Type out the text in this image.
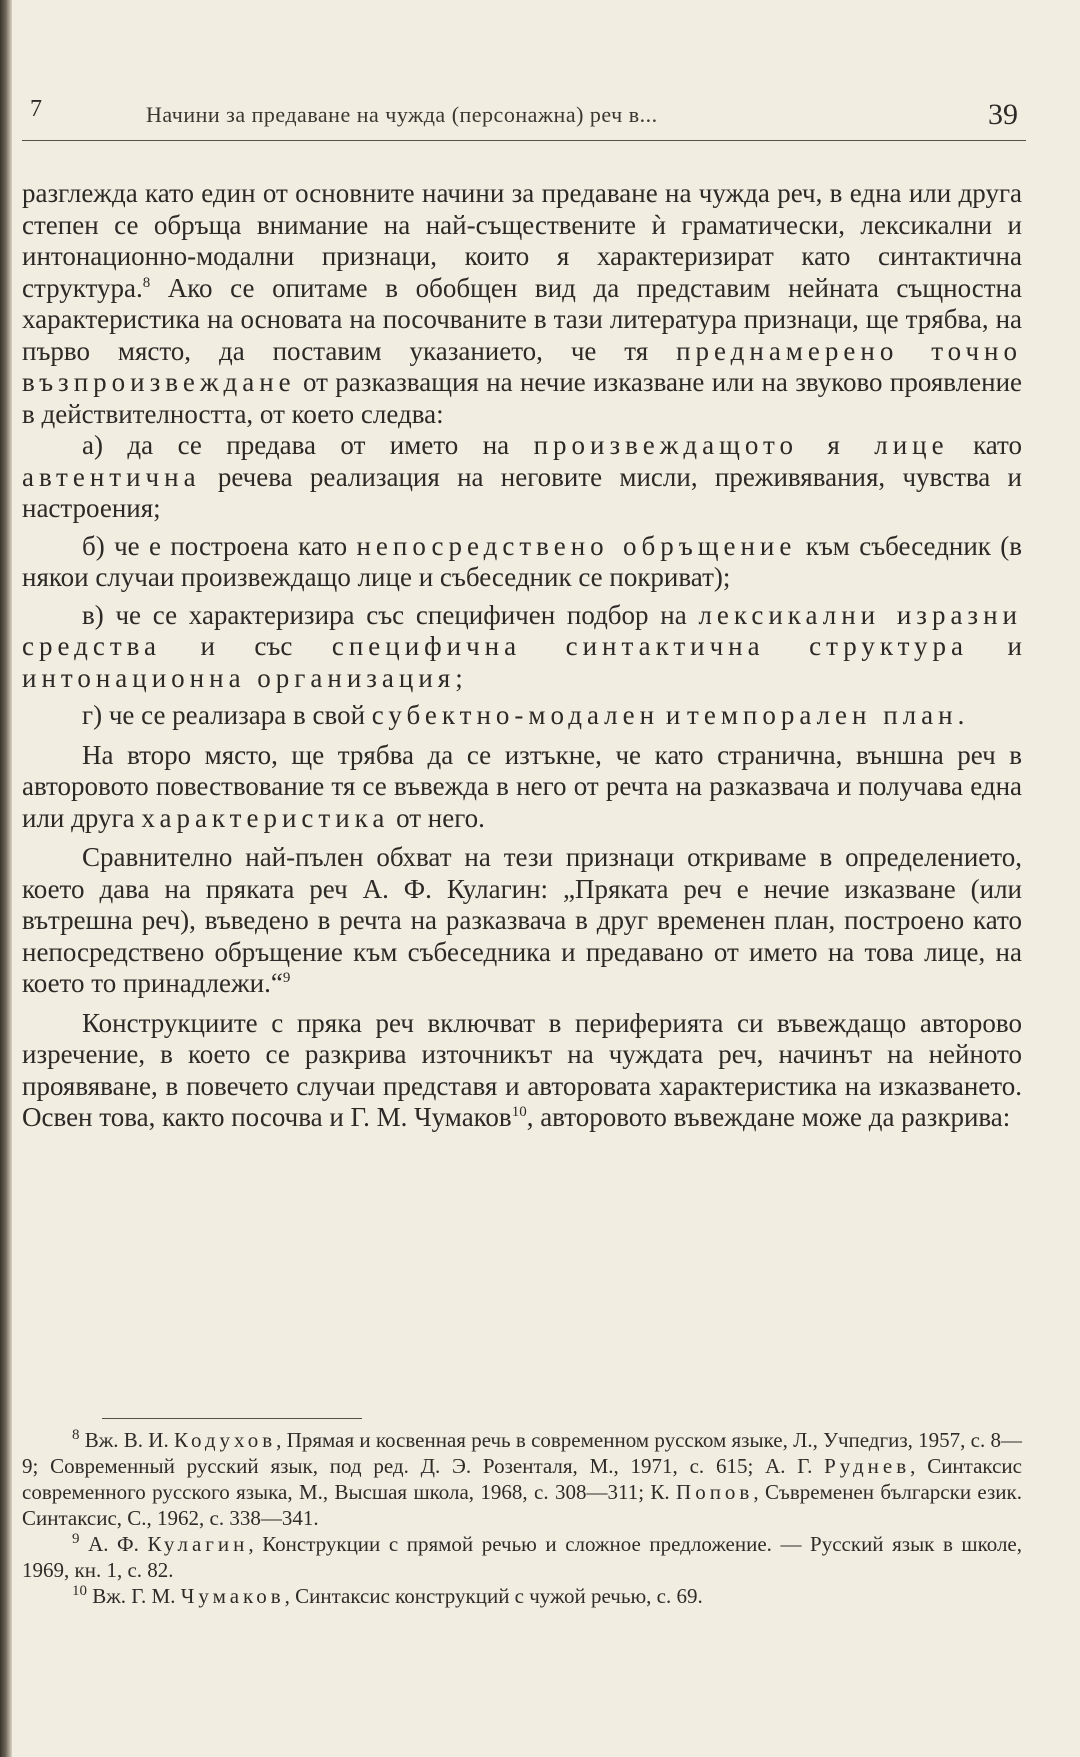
7	Начини за предаване на чужда (персонажна) реч в...	39

разглежда като един от основните начини за предаване на чужда реч, в една или друга степен се обръща внимание на най-съществените ѝ граматически, лексикални и интонационно-модални признаци, които я характеризират като синтактична структура.$^8$ Ако се опитаме в обобщен вид да представим нейната същностна характеристика на основата на посочваните в тази литература признаци, ще трябва, на първо място, да поставим указанието, че тя преднамерено точно възпроизвеждане от разказващия на нечие изказване или на звуково проявление в действителността, от което следва:

а) да се предава от името на произвеждащото я лице като автентична речева реализация на неговите мисли, преживявания, чувства и настроения;

б) че е построена като непосредствено обръщение към събеседник (в някои случаи произвеждащо лице и събеседник се покриват);

в) че се характеризира със специфичен подбор на лексикални изразни средства и със специфична синтактична структура и интонационна организация;

г) че се реализара в свой субектно-модален и темпорален план.

На второ място, ще трябва да се изтъкне, че като странична, външна реч в авторовото повествование тя се въвежда в него от речта на разказвача и получава една или друга характеристика от него.

Сравнително най-пълен обхват на тези признаци откриваме в определението, което дава на пряката реч А. Ф. Кулагин: „Пряката реч е нечие изказване (или вътрешна реч), въведено в речта на разказвача в друг временен план, построено като непосредствено обръщение към събеседника и предавано от името на това лице, на което то принадлежи.“$^9$

Конструкциите с пряка реч включват в периферията си въвеждащо авторово изречение, в което се разкрива източникът на чуждата реч, начинът на нейното проявяване, в повечето случаи представя и авторовата характеристика на изказването. Освен това, както посочва и Г. М. Чумаков$^{10}$, авторовото въвеждане може да разкрива:

$^8$ Вж. В. И. Кодухов, Прямая и косвенная речь в современном русском языке, Л., Учпедгиз, 1957, с. 8—9; Современный русский язык, под ред. Д. Э. Розенталя, М., 1971, с. 615; А. Г. Руднев, Синтаксис современного русского языка, М., Высшая школа, 1968, с. 308—311; К. Попов, Съвременен български език. Синтаксис, С., 1962, с. 338—341.

$^9$ А. Ф. Кулагин, Конструкции с прямой речью и сложное предложение. — Русский язык в школе, 1969, кн. 1, с. 82.

$^{10}$ Вж. Г. М. Чумаков, Синтаксис конструкций с чужой речью, с. 69.
